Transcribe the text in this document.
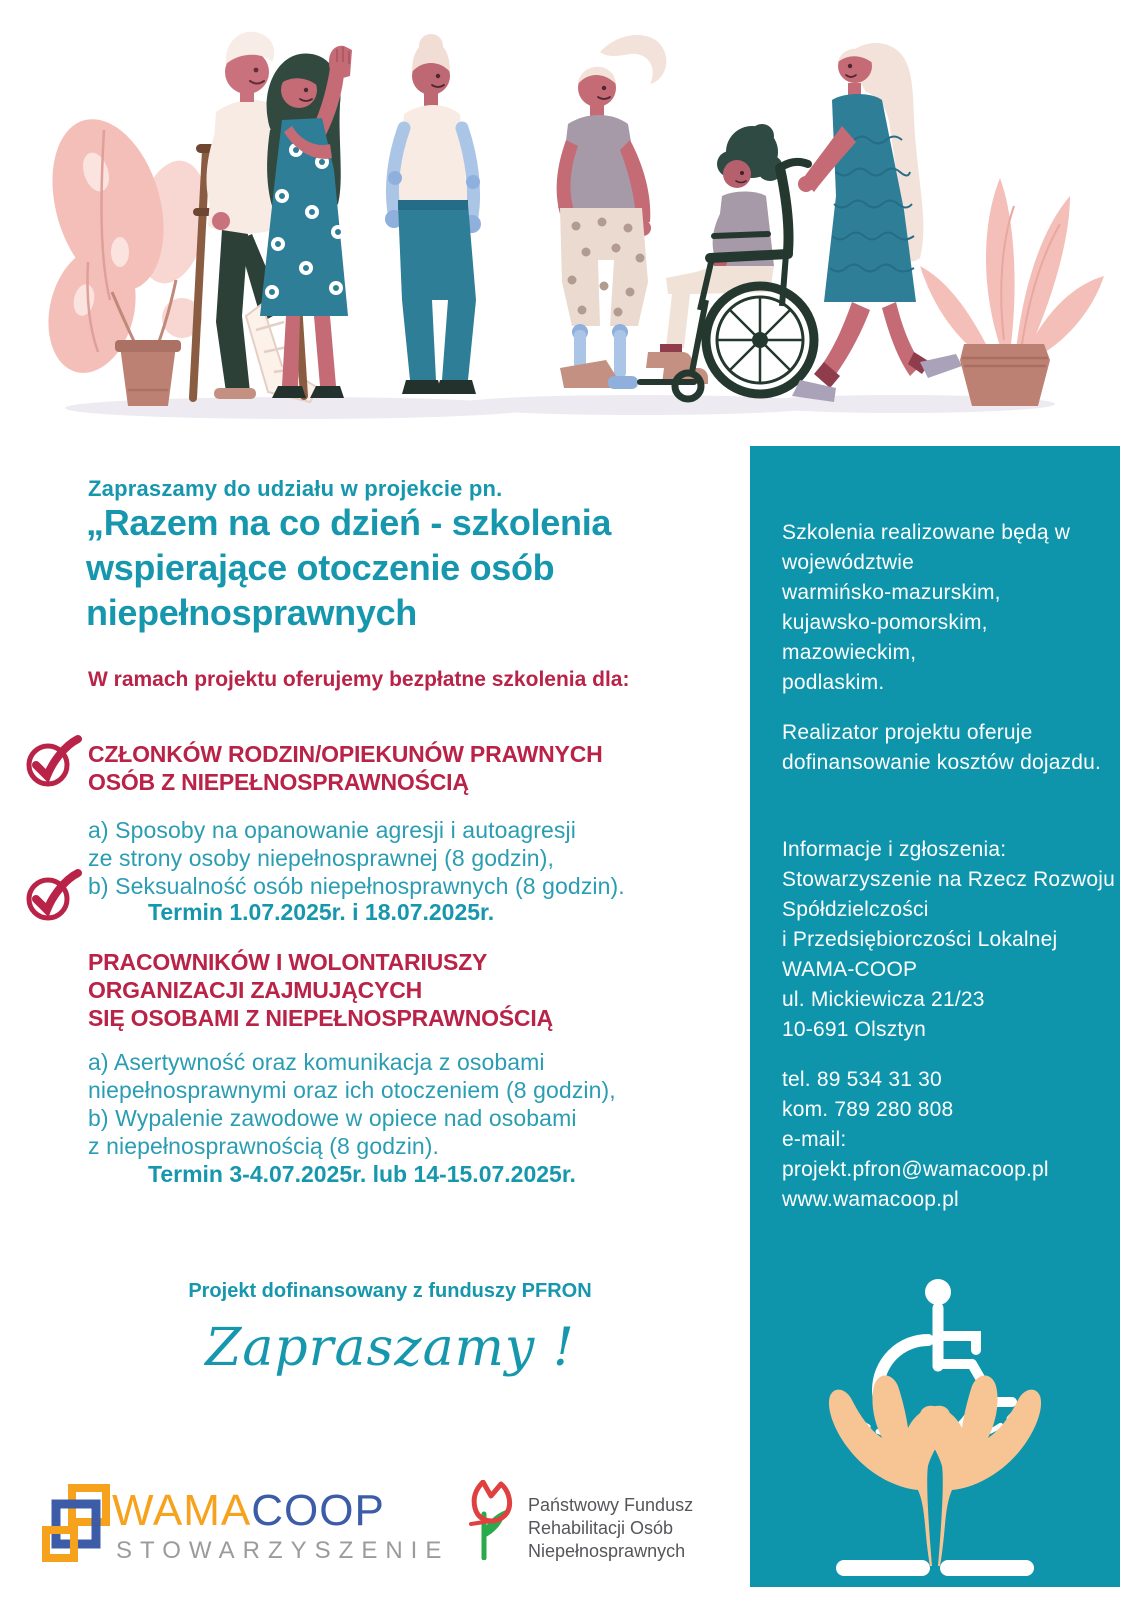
Zapraszamy do udziału w projekcie pn.
„Razem na co dzień - szkolenia
wspierające otoczenie osób
niepełnosprawnych
W ramach projektu oferujemy bezpłatne szkolenia dla:
CZŁONKÓW RODZIN/OPIEKUNÓW PRAWNYCH
OSÓB Z NIEPEŁNOSPRAWNOŚCIĄ
a) Sposoby na opanowanie agresji i autoagresji
ze strony osoby niepełnosprawnej (8 godzin),
b) Seksualność osób niepełnosprawnych (8 godzin).
Termin 1.07.2025r. i 18.07.2025r.
PRACOWNIKÓW I WOLONTARIUSZY
ORGANIZACJI ZAJMUJĄCYCH
SIĘ OSOBAMI Z NIEPEŁNOSPRAWNOŚCIĄ
a) Asertywność oraz komunikacja z osobami
niepełnosprawnymi oraz ich otoczeniem (8 godzin),
b) Wypalenie zawodowe w opiece nad osobami
z niepełnosprawnością (8 godzin).
Termin 3-4.07.2025r. lub 14-15.07.2025r.
Projekt dofinansowany z funduszy PFRON
Zapraszamy !
WAMACOOP
STOWARZYSZENIE
Państwowy Fundusz
Rehabilitacji Osób
Niepełnosprawnych
Szkolenia realizowane będą w
województwie
warmińsko-mazurskim,
kujawsko-pomorskim,
mazowieckim,
podlaskim.
Realizator projektu oferuje
dofinansowanie kosztów dojazdu.
Informacje i zgłoszenia:
Stowarzyszenie na Rzecz Rozwoju
Spółdzielczości
i Przedsiębiorczości Lokalnej
WAMA-COOP
ul. Mickiewicza 21/23
10-691 Olsztyn
tel. 89 534 31 30
kom. 789 280 808
e-mail:
projekt.pfron@wamacoop.pl
www.wamacoop.pl
